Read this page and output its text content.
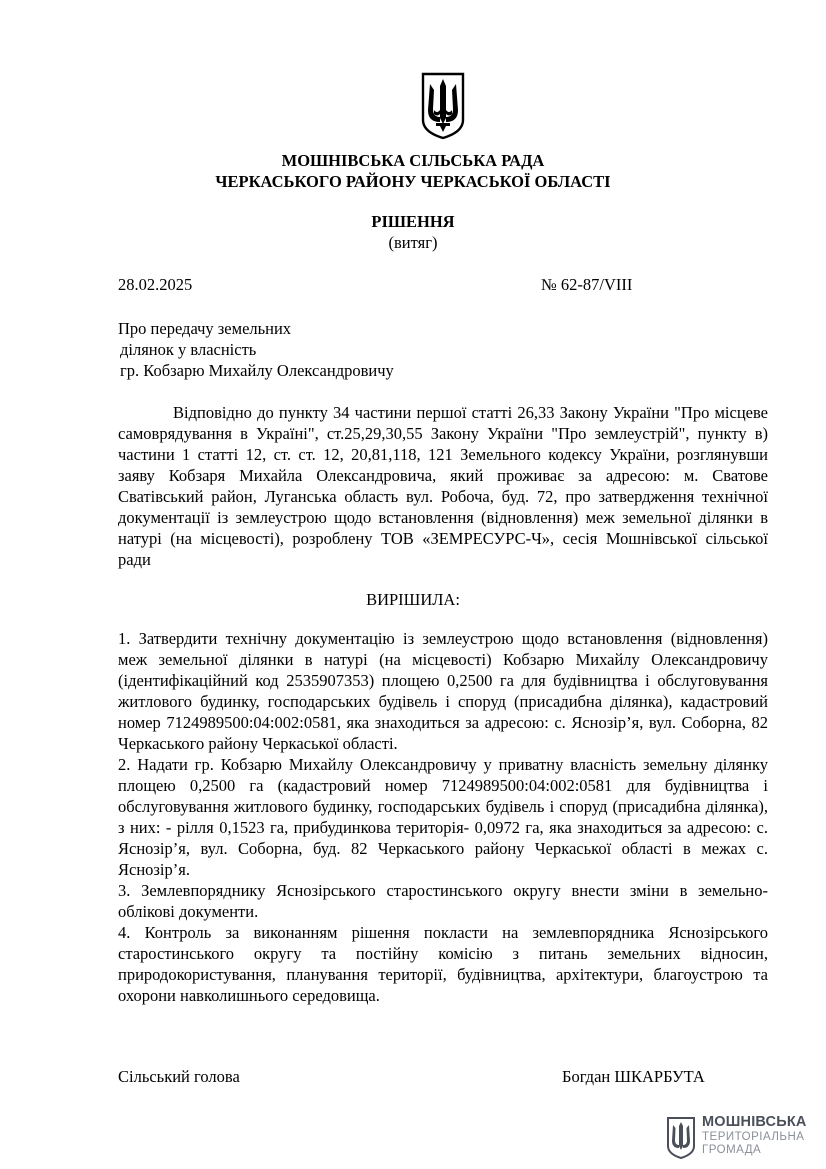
МОШНІВСЬКА СІЛЬСЬКА РАДА
ЧЕРКАСЬКОГО РАЙОНУ ЧЕРКАСЬКОЇ ОБЛАСТІ
РІШЕННЯ
(витяг)
28.02.2025	№ 62-87/VIII
Про передачу земельних
ділянок у власність
гр. Кобзарю Михайлу Олександровичу
Відповідно до пункту 34 частини першої статті 26,33 Закону України "Про місцеве самоврядування в Україні", ст.25,29,30,55 Закону України "Про землеустрій", пункту в) частини 1 статті 12, ст. ст. 12, 20,81,118, 121 Земельного кодексу України, розглянувши заяву Кобзаря Михайла Олександровича, який проживає за адресою: м. Сватове Сватівський район, Луганська область вул. Робоча, буд. 72, про затвердження технічної документації із землеустрою щодо встановлення (відновлення) меж земельної ділянки в натурі (на місцевості), розроблену ТОВ «ЗЕМРЕСУРС-Ч», сесія Мошнівської сільської ради
ВИРІШИЛА:

1. Затвердити технічну документацію із землеустрою щодо встановлення (відновлення) меж земельної ділянки в натурі (на місцевості) Кобзарю Михайлу Олександровичу (ідентифікаційний код 2535907353) площею 0,2500 га для будівництва і обслуговування житлового будинку, господарських будівель і споруд (присадибна ділянка), кадастровий номер 7124989500:04:002:0581, яка знаходиться за адресою: с. Яснозір’я, вул. Соборна, 82 Черкаського району Черкаської області.

2. Надати гр. Кобзарю Михайлу Олександровичу у приватну власність земельну ділянку площею 0,2500 га (кадастровий номер 7124989500:04:002:0581 для будівництва і обслуговування житлового будинку, господарських будівель і споруд (присадибна ділянка), з них: - рілля 0,1523 га, прибудинкова територія- 0,0972 га, яка знаходиться за адресою: с. Яснозір’я, вул. Соборна, буд. 82 Черкаського району Черкаської області в межах с. Яснозір’я.

3. Землевпоряднику Яснозірського старостинського округу внести зміни в земельно-облікові документи.

4. Контроль за виконанням рішення покласти на землевпорядника Яснозірського старостинського округу та постійну комісію з питань земельних відносин, природокористування, планування території, будівництва, архітектури, благоустрою та охорони навколишнього середовища.

Сільський голова	Богдан ШКАРБУТА
МОШНІВСЬКА
ТЕРИТОРІАЛЬНА
ГРОМАДА
